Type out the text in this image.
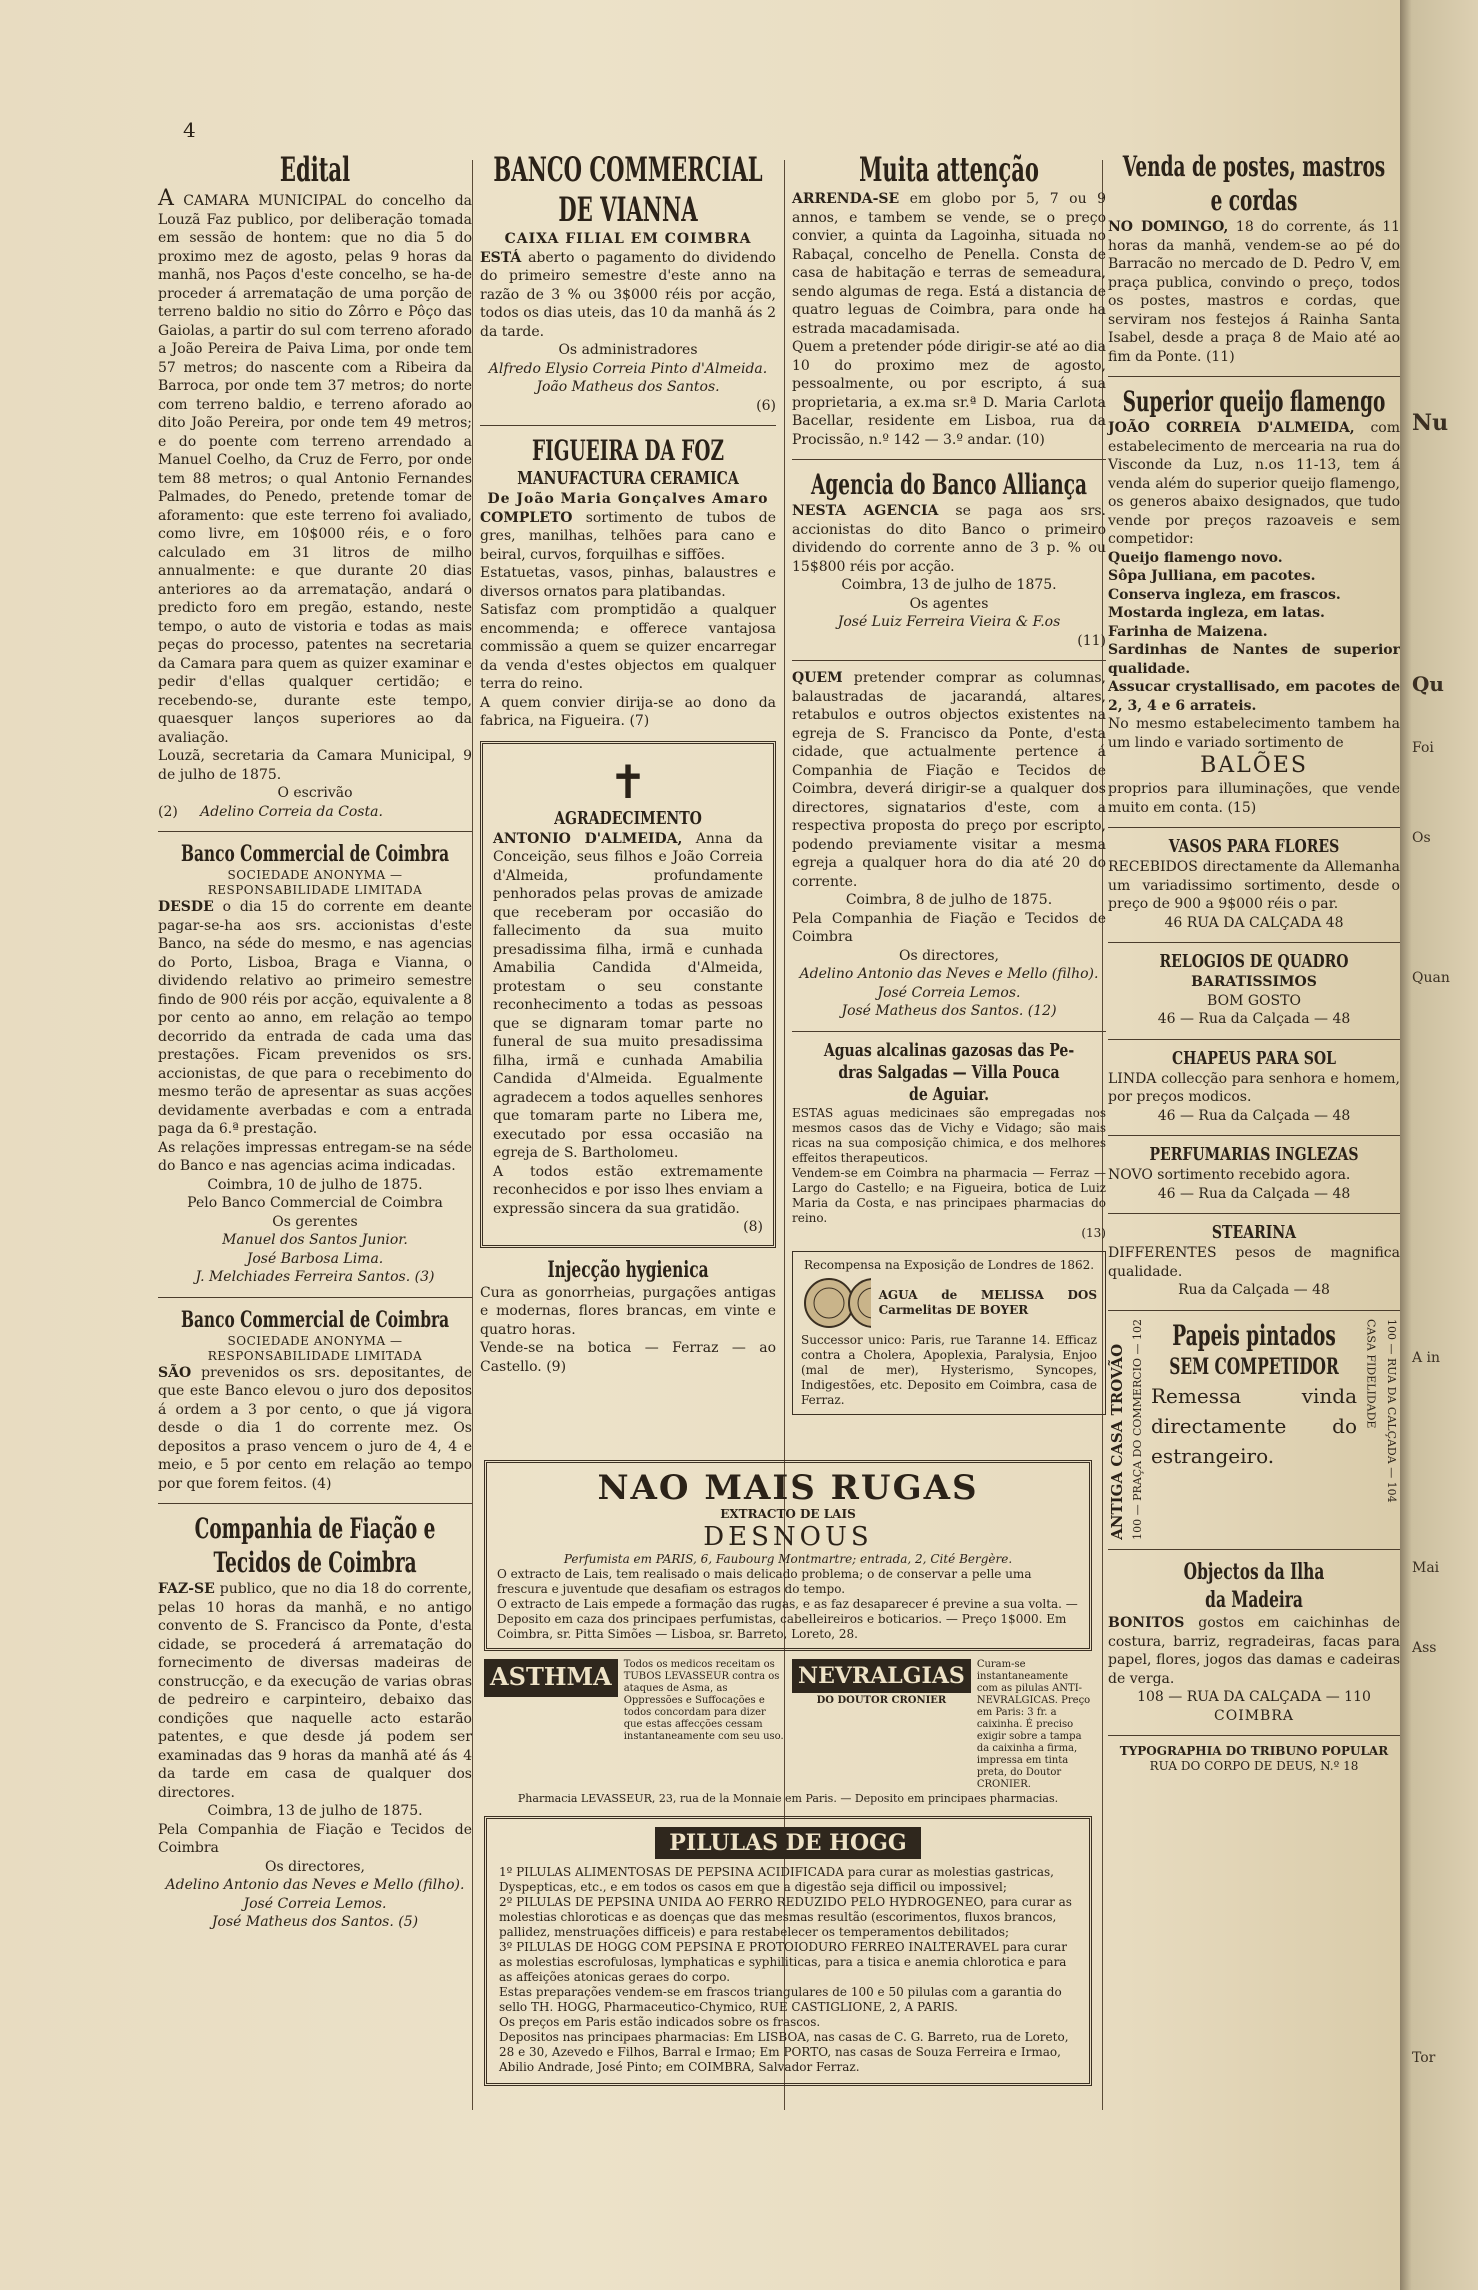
4
Edital

A CAMARA MUNICIPAL do concelho da Louzã Faz publico, por deliberação tomada em sessão de hontem: que no dia 5 do proximo mez de agosto, pelas 9 horas da manhã, nos Paços d'este concelho, se ha-de proceder á arrematação de uma porção de terreno baldio no sitio do Zôrro e Pôço das Gaiolas, a partir do sul com terreno aforado a João Pereira de Paiva Lima, por onde tem 57 metros; do nascente com a Ribeira da Barroca, por onde tem 37 metros; do norte com terreno baldio, e terreno aforado ao dito João Pereira, por onde tem 49 metros; e do poente com terreno arrendado a Manuel Coelho, da Cruz de Ferro, por onde tem 88 metros; o qual Antonio Fernandes Palmades, do Penedo, pretende tomar de aforamento: que este terreno foi avaliado, como livre, em 10$000 réis, e o foro calculado em 31 litros de milho annualmente: e que durante 20 dias anteriores ao da arrematação, andará o predicto foro em pregão, estando, neste tempo, o auto de vistoria e todas as mais peças do processo, patentes na secretaria da Camara para quem as quizer examinar e pedir d'ellas qualquer certidão; e recebendo-se, durante este tempo, quaesquer lanços superiores ao da avaliação.

Louzã, secretaria da Camara Municipal, 9 de julho de 1875.

O escrivão

(2) Adelino Correia da Costa.

Banco Commercial de Coimbra
SOCIEDADE ANONYMA — RESPONSABILIDADE LIMITADA

DESDE o dia 15 do corrente em deante pagar-se-ha aos srs. accionistas d'este Banco, na séde do mesmo, e nas agencias do Porto, Lisboa, Braga e Vianna, o dividendo relativo ao primeiro semestre findo de 900 réis por acção, equivalente a 8 por cento ao anno, em relação ao tempo decorrido da entrada de cada uma das prestações. Ficam prevenidos os srs. accionistas, de que para o recebimento do mesmo terão de apresentar as suas acções devidamente averbadas e com a entrada paga da 6.ª prestação.

As relações impressas entregam-se na séde do Banco e nas agencias acima indicadas.

Coimbra, 10 de julho de 1875.

Pelo Banco Commercial de Coimbra

Os gerentes

Manuel dos Santos Junior.

José Barbosa Lima.

J. Melchiades Ferreira Santos. (3)

Banco Commercial de Coimbra
SOCIEDADE ANONYMA — RESPONSABILIDADE LIMITADA

SÃO prevenidos os srs. depositantes, de que este Banco elevou o juro dos depositos á ordem a 3 por cento, o que já vigora desde o dia 1 do corrente mez. Os depositos a praso vencem o juro de 4, 4 e meio, e 5 por cento em relação ao tempo por que forem feitos. (4)

Companhia de Fiação e
Tecidos de Coimbra

FAZ-SE publico, que no dia 18 do corrente, pelas 10 horas da manhã, e no antigo convento de S. Francisco da Ponte, d'esta cidade, se procederá á arrematação do fornecimento de diversas madeiras de construcção, e da execução de varias obras de pedreiro e carpinteiro, debaixo das condições que naquelle acto estarão patentes, e que desde já podem ser examinadas das 9 horas da manhã até ás 4 da tarde em casa de qualquer dos directores.

Coimbra, 13 de julho de 1875.

Pela Companhia de Fiação e Tecidos de Coimbra

Os directores,

Adelino Antonio das Neves e Mello (filho).

José Correia Lemos.

José Matheus dos Santos. (5)

BANCO COMMERCIAL
DE VIANNA
CAIXA FILIAL EM COIMBRA

ESTÁ aberto o pagamento do dividendo do primeiro semestre d'este anno na razão de 3 % ou 3$000 réis por acção, todos os dias uteis, das 10 da manhã ás 2 da tarde.

Os administradores

Alfredo Elysio Correia Pinto d'Almeida.

João Matheus dos Santos.

(6)

FIGUEIRA DA FOZ
MANUFACTURA CERAMICA
De João Maria Gonçalves Amaro

COMPLETO sortimento de tubos de gres, manilhas, telhões para cano e beiral, curvos, forquilhas e siffões.

Estatuetas, vasos, pinhas, balaustres e diversos ornatos para platibandas.

Satisfaz com promptidão a qualquer encommenda; e offerece vantajosa commissão a quem se quizer encarregar da venda d'estes objectos em qualquer terra do reino.

A quem convier dirija-se ao dono da fabrica, na Figueira. (7)

✝
AGRADECIMENTO

ANTONIO D'ALMEIDA, Anna da Conceição, seus filhos e João Correia d'Almeida, profundamente penhorados pelas provas de amizade que receberam por occasião do fallecimento da sua muito presadissima filha, irmã e cunhada Amabilia Candida d'Almeida, protestam o seu constante reconhecimento a todas as pessoas que se dignaram tomar parte no funeral de sua muito presadissima filha, irmã e cunhada Amabilia Candida d'Almeida. Egualmente agradecem a todos aquelles senhores que tomaram parte no Libera me, executado por essa occasião na egreja de S. Bartholomeu.

A todos estão extremamente reconhecidos e por isso lhes enviam a expressão sincera da sua gratidão.

(8)

Injecção hygienica

Cura as gonorrheias, purgações antigas e modernas, flores brancas, em vinte e quatro horas.

Vende-se na botica — Ferraz — ao Castello. (9)

Muita attenção

ARRENDA-SE em globo por 5, 7 ou 9 annos, e tambem se vende, se o preço convier, a quinta da Lagoinha, situada no Rabaçal, concelho de Penella. Consta de casa de habitação e terras de semeadura, sendo algumas de rega. Está a distancia de quatro leguas de Coimbra, para onde ha estrada macadamisada.

Quem a pretender póde dirigir-se até ao dia 10 do proximo mez de agosto, pessoalmente, ou por escripto, á sua proprietaria, a ex.ma sr.ª D. Maria Carlota Bacellar, residente em Lisboa, rua da Procissão, n.º 142 — 3.º andar. (10)

Agencia do Banco Alliança

NESTA AGENCIA se paga aos srs. accionistas do dito Banco o primeiro dividendo do corrente anno de 3 p. % ou 15$800 réis por acção.

Coimbra, 13 de julho de 1875.

Os agentes

José Luiz Ferreira Vieira & F.os

(11)

QUEM pretender comprar as columnas, balaustradas de jacarandá, altares, retabulos e outros objectos existentes na egreja de S. Francisco da Ponte, d'esta cidade, que actualmente pertence á Companhia de Fiação e Tecidos de Coimbra, deverá dirigir-se a qualquer dos directores, signatarios d'este, com a respectiva proposta do preço por escripto, podendo previamente visitar a mesma egreja a qualquer hora do dia até 20 do corrente.

Coimbra, 8 de julho de 1875.

Pela Companhia de Fiação e Tecidos de Coimbra

Os directores,

Adelino Antonio das Neves e Mello (filho).

José Correia Lemos.

José Matheus dos Santos. (12)

Aguas alcalinas gazosas das Pe-
dras Salgadas — Villa Pouca
de Aguiar.

ESTAS aguas medicinaes são empregadas nos mesmos casos das de Vichy e Vidago; são mais ricas na sua composição chimica, e dos melhores effeitos therapeuticos.

Vendem-se em Coimbra na pharmacia — Ferraz — Largo do Castello; e na Figueira, botica de Luiz Maria da Costa, e nas principaes pharmacias do reino.

(13)

Recompensa na Exposição de Londres de 1862.

AGUA de MELISSA DOS Carmelitas DE BOYER

Successor unico: Paris, rue Taranne 14. Efficaz contra a Cholera, Apoplexia, Paralysia, Enjoo (mal de mer), Hysterismo, Syncopes, Indigestões, etc. Deposito em Coimbra, casa de Ferraz.

Venda de postes, mastros
e cordas

NO DOMINGO, 18 do corrente, ás 11 horas da manhã, vendem-se ao pé do Barracão no mercado de D. Pedro V, em praça publica, convindo o preço, todos os postes, mastros e cordas, que serviram nos festejos á Rainha Santa Isabel, desde a praça 8 de Maio até ao fim da Ponte. (11)

Superior queijo flamengo

JOÃO CORREIA D'ALMEIDA, com estabelecimento de mercearia na rua do Visconde da Luz, n.os 11-13, tem á venda além do superior queijo flamengo, os generos abaixo designados, que tudo vende por preços razoaveis e sem competidor:

Queijo flamengo novo.

Sôpa Julliana, em pacotes.

Conserva ingleza, em frascos.

Mostarda ingleza, em latas.

Farinha de Maizena.

Sardinhas de Nantes de superior qualidade.

Assucar crystallisado, em pacotes de 2, 3, 4 e 6 arrateis.

No mesmo estabelecimento tambem ha um lindo e variado sortimento de

BALÕES

proprios para illuminações, que vende muito em conta. (15)

VASOS PARA FLORES

RECEBIDOS directamente da Allemanha um variadissimo sortimento, desde o preço de 900 a 9$000 réis o par.

46 RUA DA CALÇADA 48

RELOGIOS DE QUADRO

BARATISSIMOS

BOM GOSTO

46 — Rua da Calçada — 48

CHAPEUS PARA SOL

LINDA collecção para senhora e homem, por preços modicos.

46 — Rua da Calçada — 48

PERFUMARIAS INGLEZAS

NOVO sortimento recebido agora.

46 — Rua da Calçada — 48

STEARINA

DIFFERENTES pesos de magnifica qualidade.

Rua da Calçada — 48

ANTIGA CASA TROVÃO 100 — PRAÇA DO COMMERCIO — 102	Papeis pintados
SEM COMPETIDOR

Remessa vinda directamente do estrangeiro.

CASA FIDELIDADE 100 — RUA DA CALÇADA — 104
Objectos da Ilha
da Madeira

BONITOS gostos em caichinhas de costura, barriz, regradeiras, facas para papel, flores, jogos das damas e cadeiras de verga.

108 — RUA DA CALÇADA — 110

COIMBRA

TYPOGRAPHIA DO TRIBUNO POPULAR

RUA DO CORPO DE DEUS, N.º 18

NAO MAIS RUGAS
EXTRACTO DE LAIS
DESNOUS

Perfumista em PARIS, 6, Faubourg Montmartre; entrada, 2, Cité Bergère.

O extracto de Lais, tem realisado o mais delicado problema; o de conservar a pelle uma frescura e juventude que desafiam os estragos do tempo.

O extracto de Lais empede a formação das rugas, e as faz desaparecer é previne a sua volta. — Deposito em caza dos principaes perfumistas, cabelleireiros e boticarios. — Preço 1$000. Em Coimbra, sr. Pitta Simões — Lisboa, sr. Barreto, Loreto, 28.

ASTHMA	Todos os medicos receitam os TUBOS LEVASSEUR contra os ataques de Asma, as Oppressões e Suffocações e todos concordam para dizer que estas affecções cessam instantaneamente com seu uso.

NEVRALGIAS
DO DOUTOR CRONIER

Curam-se instantaneamente com as pilulas ANTI-NEVRALGICAS. Preço em Paris: 3 fr. a caixinha. É preciso exigir sobre a tampa da caixinha a firma, impressa em tinta preta, do Doutor CRONIER.

Pharmacia LEVASSEUR, 23, rua de la Monnaie em Paris. — Deposito em principaes pharmacias.

PILULAS DE HOGG

1º PILULAS ALIMENTOSAS DE PEPSINA ACIDIFICADA para curar as molestias gastricas, Dyspepticas, etc., e em todos os casos em que a digestão seja difficil ou impossivel;

2º PILULAS DE PEPSINA UNIDA AO FERRO REDUZIDO PELO HYDROGENEO, para curar as molestias chloroticas e as doenças que das mesmas resultão (escorimentos, fluxos brancos, pallidez, menstruações difficeis) e para restabelecer os temperamentos debilitados;

3º PILULAS DE HOGG COM PEPSINA E PROTOIODURO FERREO INALTERAVEL para curar as molestias escrofulosas, lymphaticas e syphiliticas, para a tisica e anemia chlorotica e para as affeições atonicas geraes do corpo.

Estas preparações vendem-se em frascos triangulares de 100 e 50 pilulas com a garantia do sello TH. HOGG, Pharmaceutico-Chymico, RUE CASTIGLIONE, 2, A PARIS.

Os preços em Paris estão indicados sobre os frascos.

Depositos nas principaes pharmacias: Em LISBOA, nas casas de C. G. Barreto, rua de Loreto, 28 e 30, Azevedo e Filhos, Barral e Irmao; Em PORTO, nas casas de Souza Ferreira e Irmao, Abilio Andrade, José Pinto; em COIMBRA, Salvador Ferraz.

Nu
Qu
Foi
Os
Quan
A in
Mai
Ass
Tor
